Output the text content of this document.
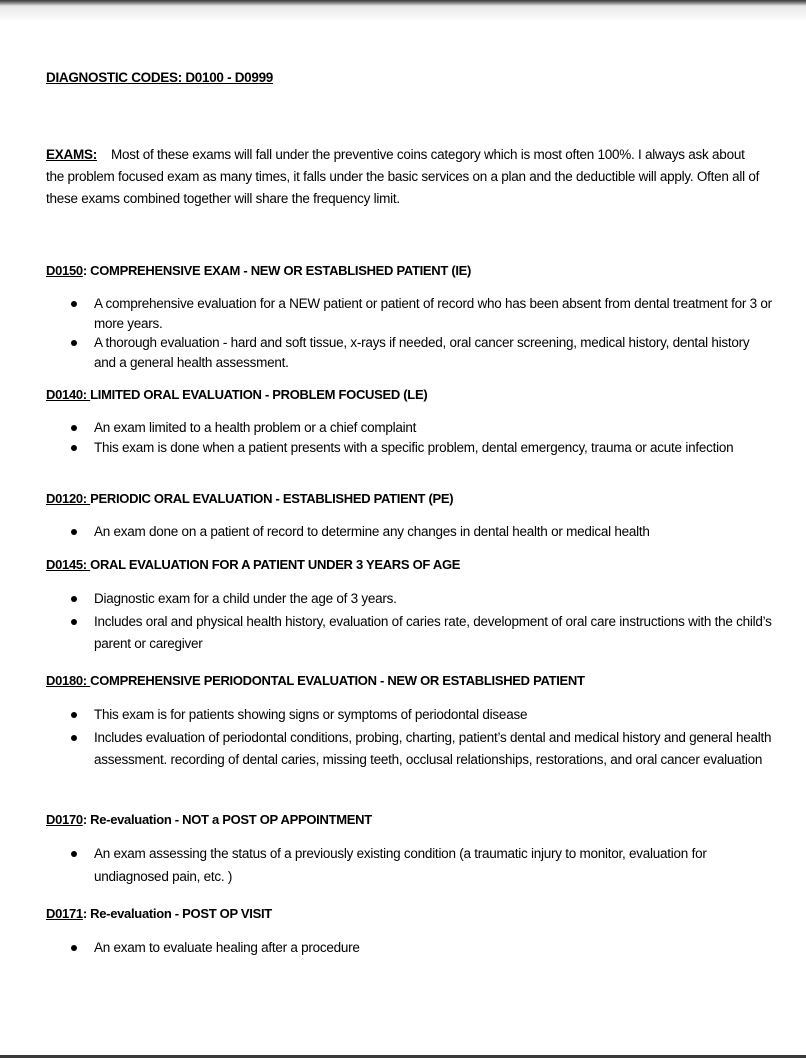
DIAGNOSTIC CODES: D0100 - D0999
EXAMS: Most of these exams will fall under the preventive coins category which is most often 100%. I always ask about the problem focused exam as many times, it falls under the basic services on a plan and the deductible will apply. Often all of these exams combined together will share the frequency limit.
D0150: COMPREHENSIVE EXAM - NEW OR ESTABLISHED PATIENT (IE)
A comprehensive evaluation for a NEW patient or patient of record who has been absent from dental treatment for 3 or more years.
A thorough evaluation - hard and soft tissue, x-rays if needed, oral cancer screening, medical history, dental history and a general health assessment.
D0140: LIMITED ORAL EVALUATION - PROBLEM FOCUSED (LE)
An exam limited to a health problem or a chief complaint
This exam is done when a patient presents with a specific problem, dental emergency, trauma or acute infection
D0120: PERIODIC ORAL EVALUATION - ESTABLISHED PATIENT (PE)
An exam done on a patient of record to determine any changes in dental health or medical health
D0145: ORAL EVALUATION FOR A PATIENT UNDER 3 YEARS OF AGE
Diagnostic exam for a child under the age of 3 years.
Includes oral and physical health history, evaluation of caries rate, development of oral care instructions with the child’s parent or caregiver
D0180: COMPREHENSIVE PERIODONTAL EVALUATION - NEW OR ESTABLISHED PATIENT
This exam is for patients showing signs or symptoms of periodontal disease
Includes evaluation of periodontal conditions, probing, charting, patient’s dental and medical history and general health assessment. recording of dental caries, missing teeth, occlusal relationships, restorations, and oral cancer evaluation
D0170: Re-evaluation - NOT a POST OP APPOINTMENT
An exam assessing the status of a previously existing condition (a traumatic injury to monitor, evaluation for undiagnosed pain, etc. )
D0171: Re-evaluation - POST OP VISIT
An exam to evaluate healing after a procedure
